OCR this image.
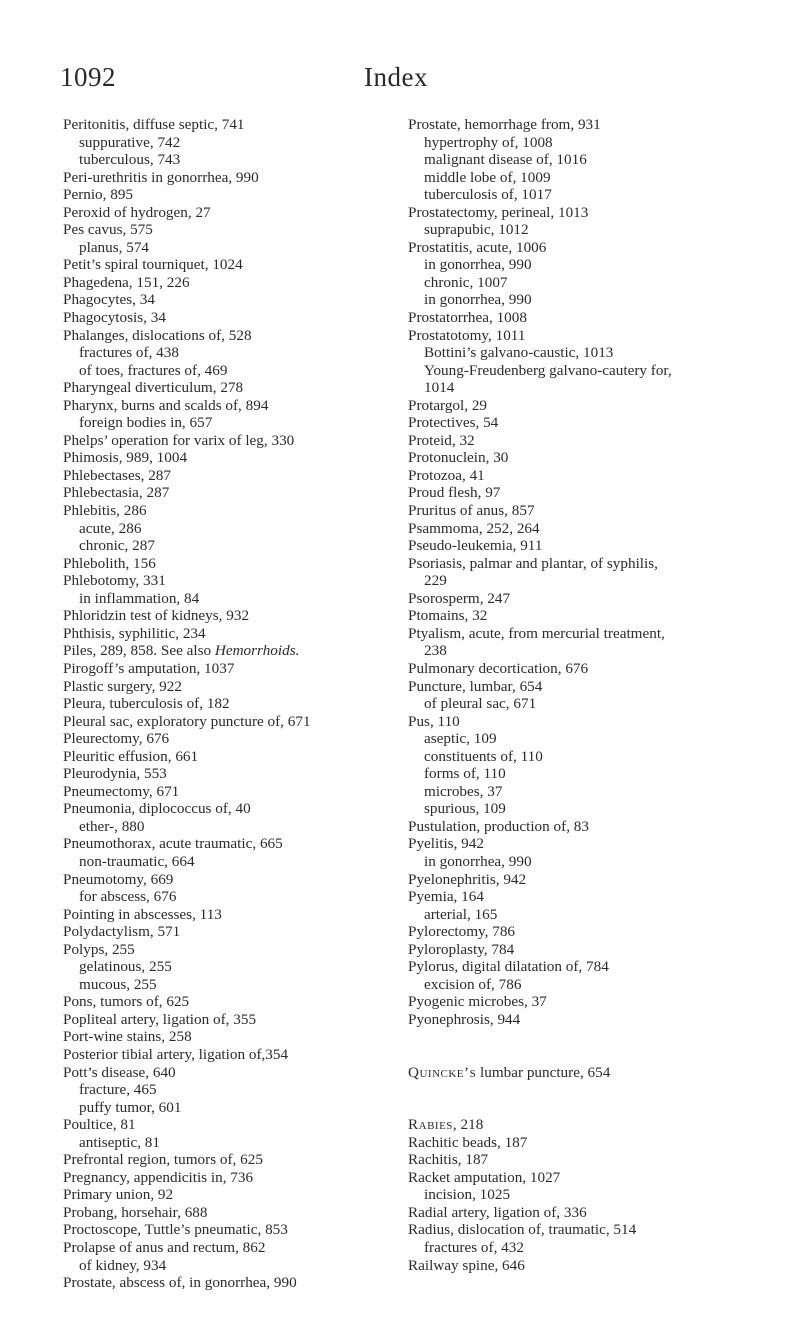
1092	Index
Peritonitis, diffuse septic, 741
suppurative, 742
tuberculous, 743
Peri-urethritis in gonorrhea, 990
Pernio, 895
Peroxid of hydrogen, 27
Pes cavus, 575
planus, 574
Petit’s spiral tourniquet, 1024
Phagedena, 151, 226
Phagocytes, 34
Phagocytosis, 34
Phalanges, dislocations of, 528
fractures of, 438
of toes, fractures of, 469
Pharyngeal diverticulum, 278
Pharynx, burns and scalds of, 894
foreign bodies in, 657
Phelps’ operation for varix of leg, 330
Phimosis, 989, 1004
Phlebectases, 287
Phlebectasia, 287
Phlebitis, 286
acute, 286
chronic, 287
Phlebolith, 156
Phlebotomy, 331
in inflammation, 84
Phloridzin test of kidneys, 932
Phthisis, syphilitic, 234
Piles, 289, 858. See also Hemorrhoids.
Pirogoff’s amputation, 1037
Plastic surgery, 922
Pleura, tuberculosis of, 182
Pleural sac, exploratory puncture of, 671
Pleurectomy, 676
Pleuritic effusion, 661
Pleurodynia, 553
Pneumectomy, 671
Pneumonia, diplococcus of, 40
ether-, 880
Pneumothorax, acute traumatic, 665
non-traumatic, 664
Pneumotomy, 669
for abscess, 676
Pointing in abscesses, 113
Polydactylism, 571
Polyps, 255
gelatinous, 255
mucous, 255
Pons, tumors of, 625
Popliteal artery, ligation of, 355
Port-wine stains, 258
Posterior tibial artery, ligation of,354
Pott’s disease, 640
fracture, 465
puffy tumor, 601
Poultice, 81
antiseptic, 81
Prefrontal region, tumors of, 625
Pregnancy, appendicitis in, 736
Primary union, 92
Probang, horsehair, 688
Proctoscope, Tuttle’s pneumatic, 853
Prolapse of anus and rectum, 862
of kidney, 934
Prostate, abscess of, in gonorrhea, 990
Prostate, hemorrhage from, 931
hypertrophy of, 1008
malignant disease of, 1016
middle lobe of, 1009
tuberculosis of, 1017
Prostatectomy, perineal, 1013
suprapubic, 1012
Prostatitis, acute, 1006
in gonorrhea, 990
chronic, 1007
in gonorrhea, 990
Prostatorrhea, 1008
Prostatotomy, 1011
Bottini’s galvano-caustic, 1013
Young-Freudenberg galvano-cautery for,
1014
Protargol, 29
Protectives, 54
Proteid, 32
Protonuclein, 30
Protozoa, 41
Proud flesh, 97
Pruritus of anus, 857
Psammoma, 252, 264
Pseudo-leukemia, 911
Psoriasis, palmar and plantar, of syphilis,
229
Psorosperm, 247
Ptomains, 32
Ptyalism, acute, from mercurial treatment,
238
Pulmonary decortication, 676
Puncture, lumbar, 654
of pleural sac, 671
Pus, 110
aseptic, 109
constituents of, 110
forms of, 110
microbes, 37
spurious, 109
Pustulation, production of, 83
Pyelitis, 942
in gonorrhea, 990
Pyelonephritis, 942
Pyemia, 164
arterial, 165
Pylorectomy, 786
Pyloroplasty, 784
Pylorus, digital dilatation of, 784
excision of, 786
Pyogenic microbes, 37
Pyonephrosis, 944
Quincke’s lumbar puncture, 654
Rabies, 218
Rachitic beads, 187
Rachitis, 187
Racket amputation, 1027
incision, 1025
Radial artery, ligation of, 336
Radius, dislocation of, traumatic, 514
fractures of, 432
Railway spine, 646
